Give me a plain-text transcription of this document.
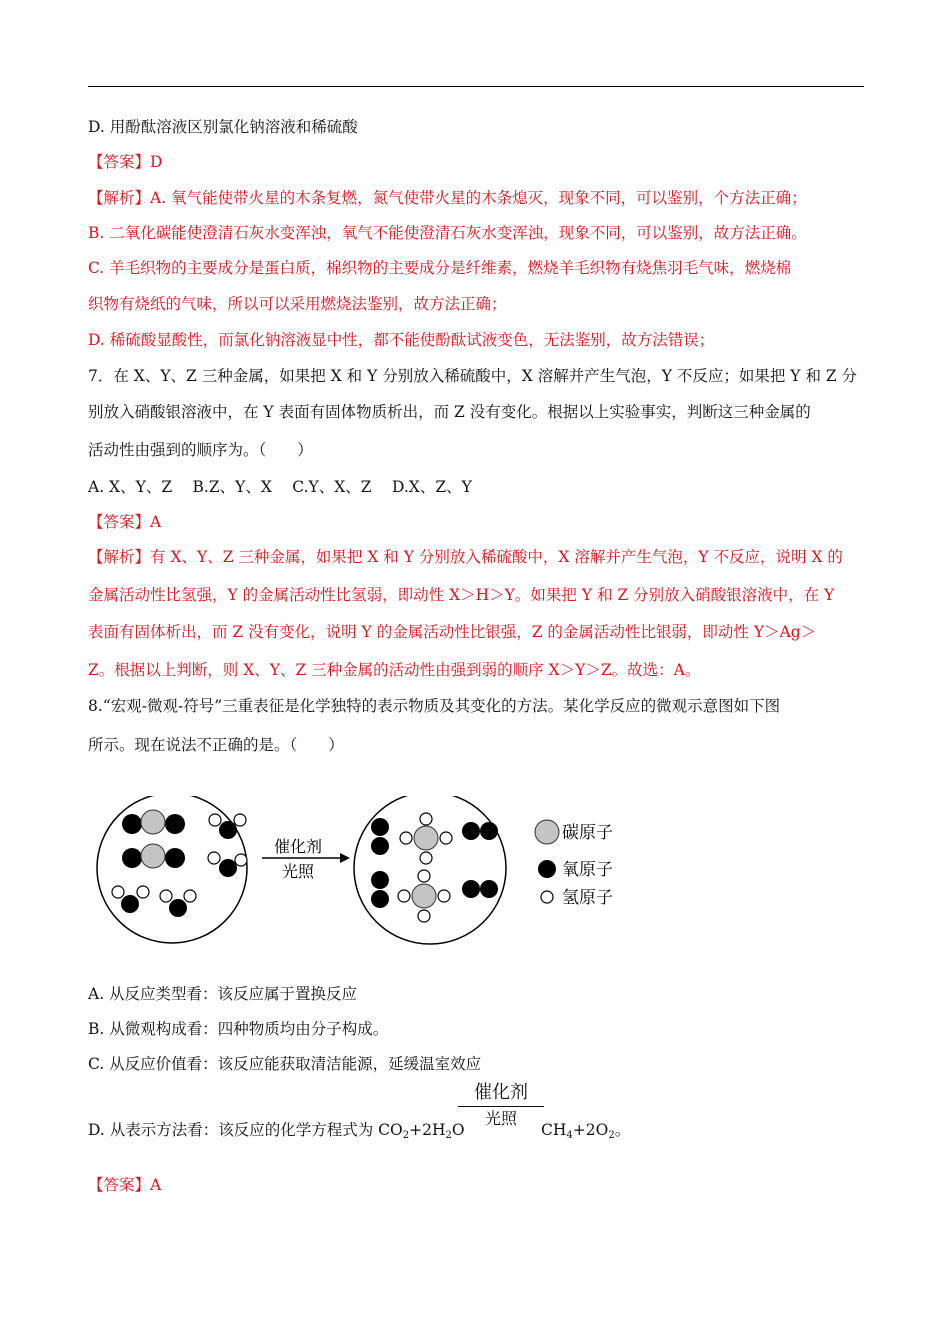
D. 用酚酞溶液区别氯化钠溶液和稀硫酸
【答案】D
【解析】A. 氧气能使带火星的木条复燃，氮气使带火星的木条熄灭，现象不同，可以鉴别，个方法正确；
B. 二氧化碳能使澄清石灰水变浑浊，氧气不能使澄清石灰水变浑浊，现象不同，可以鉴别，故方法正确。
C. 羊毛织物的主要成分是蛋白质，棉织物的主要成分是纤维素，燃烧羊毛织物有烧焦羽毛气味，燃烧棉
织物有烧纸的气味，所以可以采用燃烧法鉴别，故方法正确；
D. 稀硫酸显酸性，而氯化钠溶液显中性，都不能使酚酞试液变色，无法鉴别，故方法错误；
7．在 X、Y、Z 三种金属，如果把 X 和 Y 分别放入稀硫酸中，X 溶解并产生气泡，Y 不反应；如果把 Y 和 Z 分
别放入硝酸银溶液中，在 Y 表面有固体物质析出，而 Z 没有变化。根据以上实验事实，判断这三种金属的
活动性由强到的顺序为。（　　）
A. X、Y、Z　 B.Z、Y、X　 C.Y、X、Z　 D.X、Z、Y
【答案】A
【解析】有 X、Y、Z 三种金属，如果把 X 和 Y 分别放入稀硫酸中，X 溶解并产生气泡，Y 不反应，说明 X 的
金属活动性比氢强，Y 的金属活动性比氢弱，即动性 X＞H＞Y。如果把 Y 和 Z 分别放入硝酸银溶液中，在 Y
表面有固体析出，而 Z 没有变化，说明 Y 的金属活动性比银强，Z 的金属活动性比银弱，即动性 Y＞Ag＞
Z。根据以上判断，则 X、Y、Z 三种金属的活动性由强到弱的顺序 X＞Y＞Z。故选：A。
8.“宏观-微观-符号”三重表征是化学独特的表示物质及其变化的方法。某化学反应的微观示意图如下图
所示。现在说法不正确的是。（　　）
催化剂
光照
碳原子
氧原子
氢原子
A. 从反应类型看：该反应属于置换反应
B. 从微观构成看：四种物质均由分子构成。
C. 从反应价值看：该反应能获取清洁能源，延缓温室效应
D. 从表示方法看：该反应的化学方程式为 $CO_2+2H_2O$
催化剂
光照
$CH_4+2O_2$。
【答案】A
